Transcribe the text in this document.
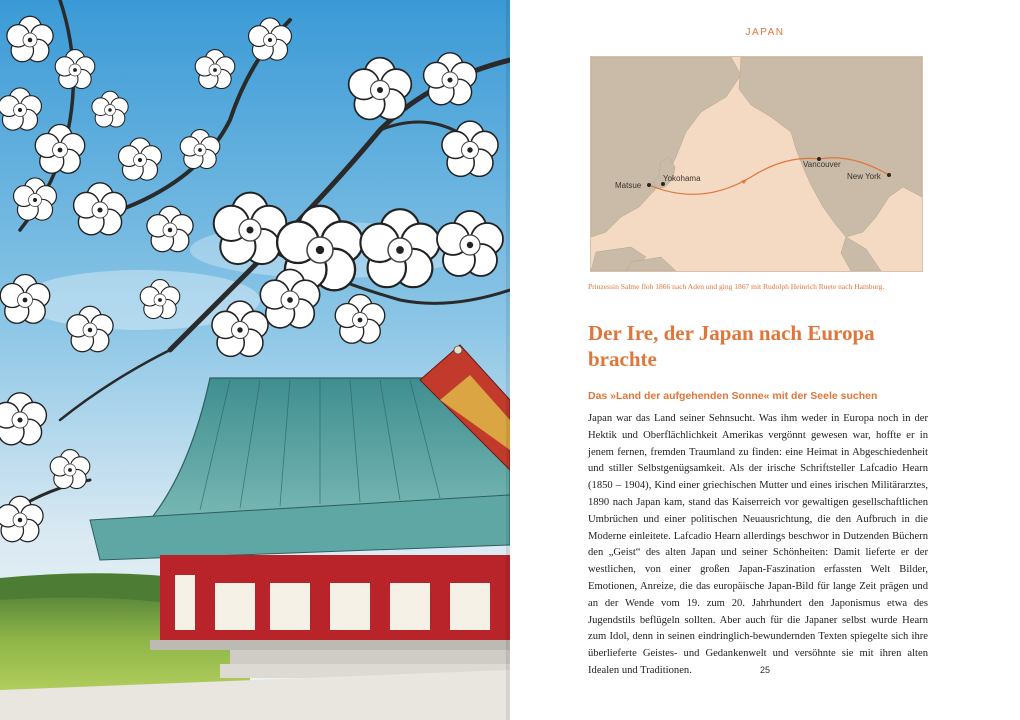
JAPAN
Matsue
Yokohama
Vancouver
New York
Prinzessin Salme floh 1866 nach Aden und ging 1867 mit Rudolph Heinrich Ruete nach Hamburg.
Der Ire, der Japan nach Europa brachte
Das »Land der aufgehenden Sonne« mit der Seele suchen

Japan war das Land seiner Sehnsucht. Was ihm weder in Europa noch in der Hektik und Oberflächlichkeit Amerikas vergönnt gewesen war, hoffte er in jenem fernen, fremden Traumland zu finden: eine Heimat in Abgeschiedenheit und stiller Selbstgenügsamkeit. Als der irische Schriftsteller Lafcadio Hearn (1850 – 1904), Kind einer griechischen Mutter und eines irischen Militärarztes, 1890 nach Japan kam, stand das Kaiserreich vor gewaltigen gesellschaftlichen Umbrüchen und einer politischen Neuausrichtung, die den Aufbruch in die Moderne einleitete. Lafcadio Hearn allerdings beschwor in Dutzenden Büchern den „Geist“ des alten Japan und seiner Schönheiten: Damit lieferte er der westlichen, von einer großen Japan-Faszination erfassten Welt Bilder, Emotionen, Anreize, die das europäische Japan-Bild für lange Zeit prägen und an der Wende vom 19. zum 20. Jahrhundert den Japonismus etwa des Jugendstils beflügeln sollten. Aber auch für die Japaner selbst wurde Hearn zum Idol, denn in seinen eindringlich-bewundernden Texten spiegelte sich ihre überlieferte Geistes- und Gedankenwelt und versöhnte sie mit ihren alten Idealen und Traditionen.	25
